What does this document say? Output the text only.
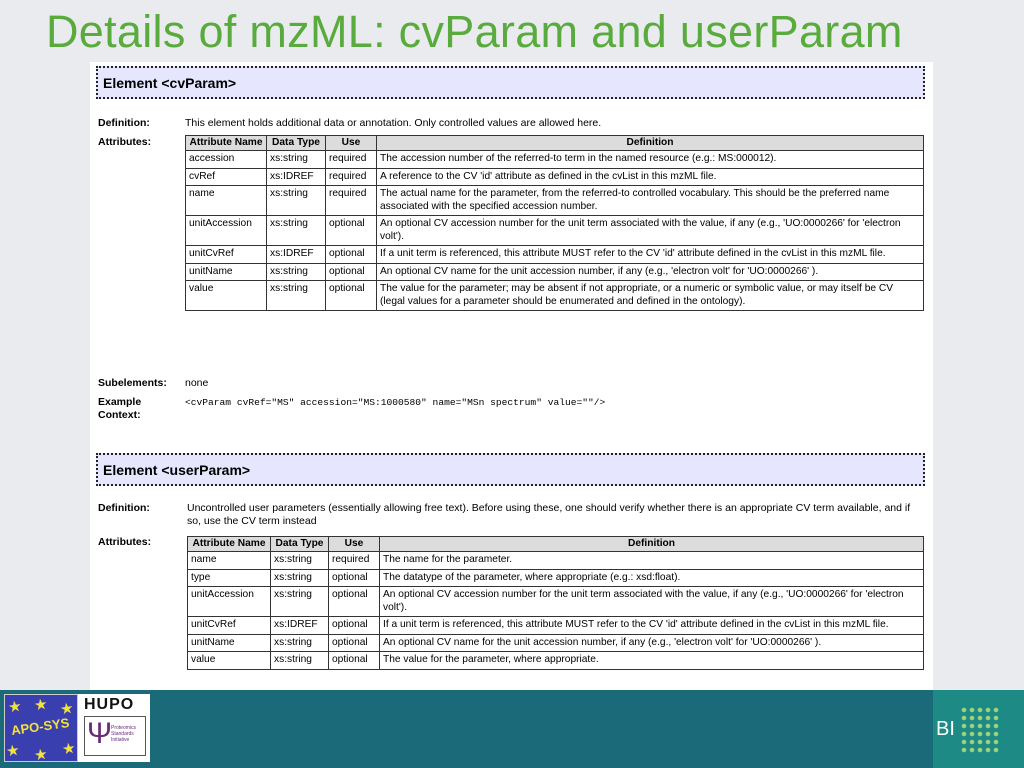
Details of mzML: cvParam and userParam
Element <cvParam>
Definition:	This element holds additional data or annotation. Only controlled values are allowed here.
Attributes:	Attribute Name	Data Type	Use	Definition
accession	xs:string	required	The accession number of the referred-to term in the named resource (e.g.: MS:000012).
cvRef	xs:IDREF	required	A reference to the CV 'id' attribute as defined in the cvList in this mzML file.
name	xs:string	required	The actual name for the parameter, from the referred-to controlled vocabulary. This should be the preferred name associated with the specified accession number.
unitAccession	xs:string	optional	An optional CV accession number for the unit term associated with the value, if any (e.g., 'UO:0000266' for 'electron volt').
unitCvRef	xs:IDREF	optional	If a unit term is referenced, this attribute MUST refer to the CV 'id' attribute defined in the cvList in this mzML file.
unitName	xs:string	optional	An optional CV name for the unit accession number, if any (e.g., 'electron volt' for 'UO:0000266' ).
value	xs:string	optional	The value for the parameter; may be absent if not appropriate, or a numeric or symbolic value, or may itself be CV (legal values for a parameter should be enumerated and defined in the ontology).
Subelements: none
Example
Context:
<cvParam cvRef="MS" accession="MS:1000580" name="MSn spectrum" value=""/>
Element <userParam>
Definition:	Uncontrolled user parameters (essentially allowing free text). Before using these, one should verify whether there is an appropriate CV term available, and if so, use the CV term instead
Attributes:	Attribute Name	Data Type	Use	Definition
name	xs:string	required	The name for the parameter.
type	xs:string	optional	The datatype of the parameter, where appropriate (e.g.: xsd:float).
unitAccession	xs:string	optional	An optional CV accession number for the unit term associated with the value, if any (e.g., 'UO:0000266' for 'electron volt').
unitCvRef	xs:IDREF	optional	If a unit term is referenced, this attribute MUST refer to the CV 'id' attribute defined in the cvList in this mzML file.
unitName	xs:string	optional	An optional CV name for the unit accession number, if any (e.g., 'electron volt' for 'UO:0000266' ).
value	xs:string	optional	The value for the parameter, where appropriate.
★ ★ ★
★ ★ ★
APO-SYS
HUPO
Ψ
Proteomics Standards Initiative	BI
